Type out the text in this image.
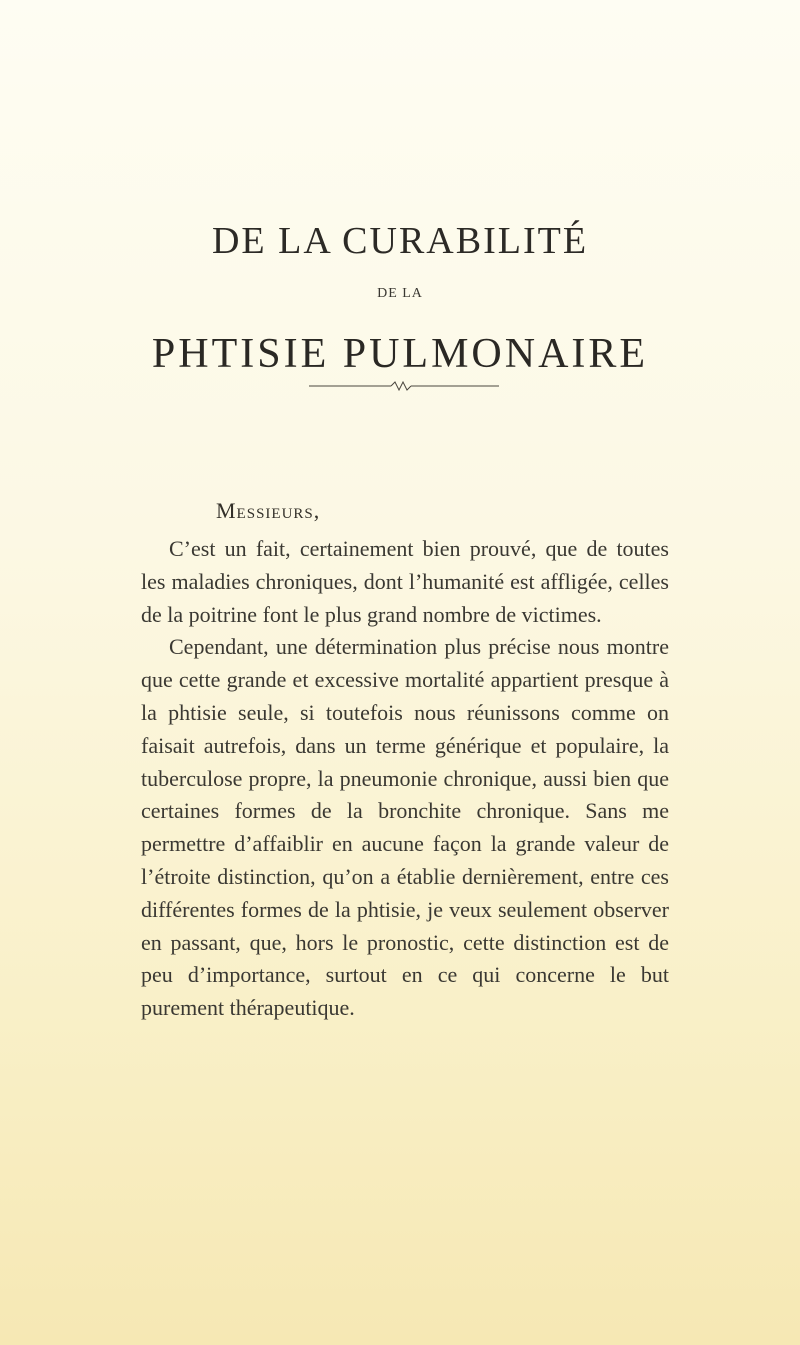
DE LA CURABILITÉ
DE LA
PHTISIE PULMONAIRE
Messieurs,

C’est un fait, certainement bien prouvé, que de toutes les maladies chroniques, dont l’humanité est affligée, celles de la poitrine font le plus grand nombre de victimes.

Cependant, une détermination plus précise nous montre que cette grande et excessive mortalité appartient presque à la phtisie seule, si toutefois nous réunissons comme on faisait autrefois, dans un terme générique et populaire, la tuberculose propre, la pneumonie chronique, aussi bien que certaines formes de la bronchite chronique. Sans me permettre d’affaiblir en aucune façon la grande valeur de l’étroite distinction, qu’on a établie dernièrement, entre ces différentes formes de la phtisie, je veux seulement observer en passant, que, hors le pronostic, cette distinction est de peu d’importance, surtout en ce qui concerne le but purement thérapeutique.
